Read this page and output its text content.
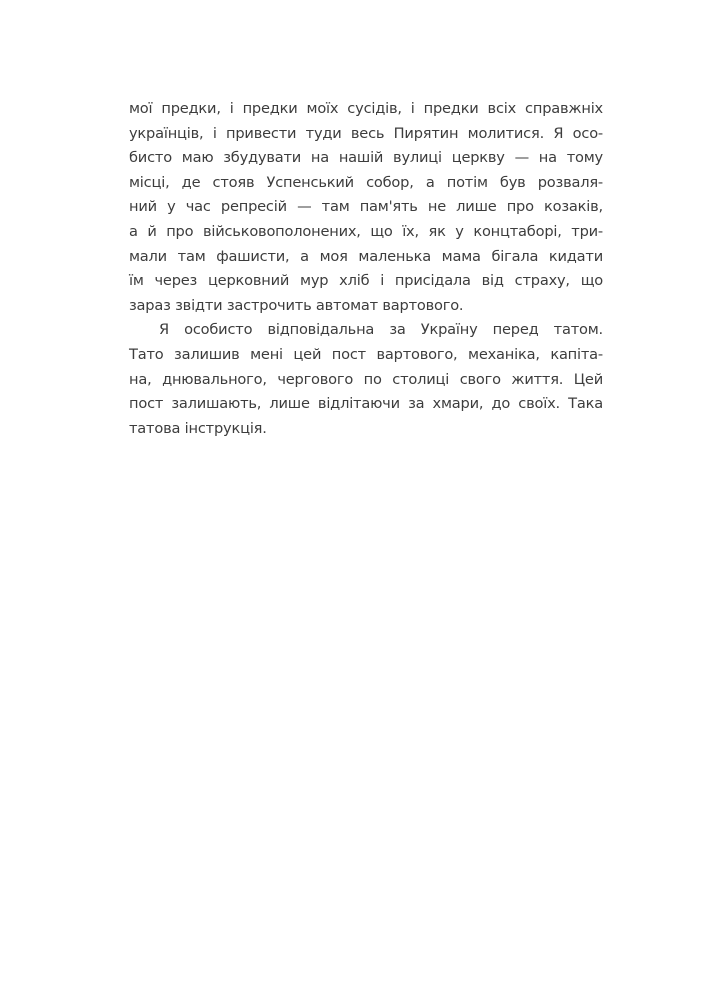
мої предки, і предки моїх сусідів, і предки всіх справжніх
українців, і привести туди весь Пирятин молитися. Я осо-
бисто маю збудувати на нашій вулиці церкву — на тому
місці, де стояв Успенський собор, а потім був розваля-
ний у час репресій — там пам'ять не лише про козаків,
а й про військовополонених, що їх, як у концтаборі, три-
мали там фашисти, а моя маленька мама бігала кидати
їм через церковний мур хліб і присідала від страху, що
зараз звідти застрочить автомат вартового.
Я особисто відповідальна за Україну перед татом.
Тато залишив мені цей пост вартового, механіка, капіта-
на, днювального, чергового по столиці свого життя. Цей
пост залишають, лише відлітаючи за хмари, до своїх. Така
татова інструкція.
